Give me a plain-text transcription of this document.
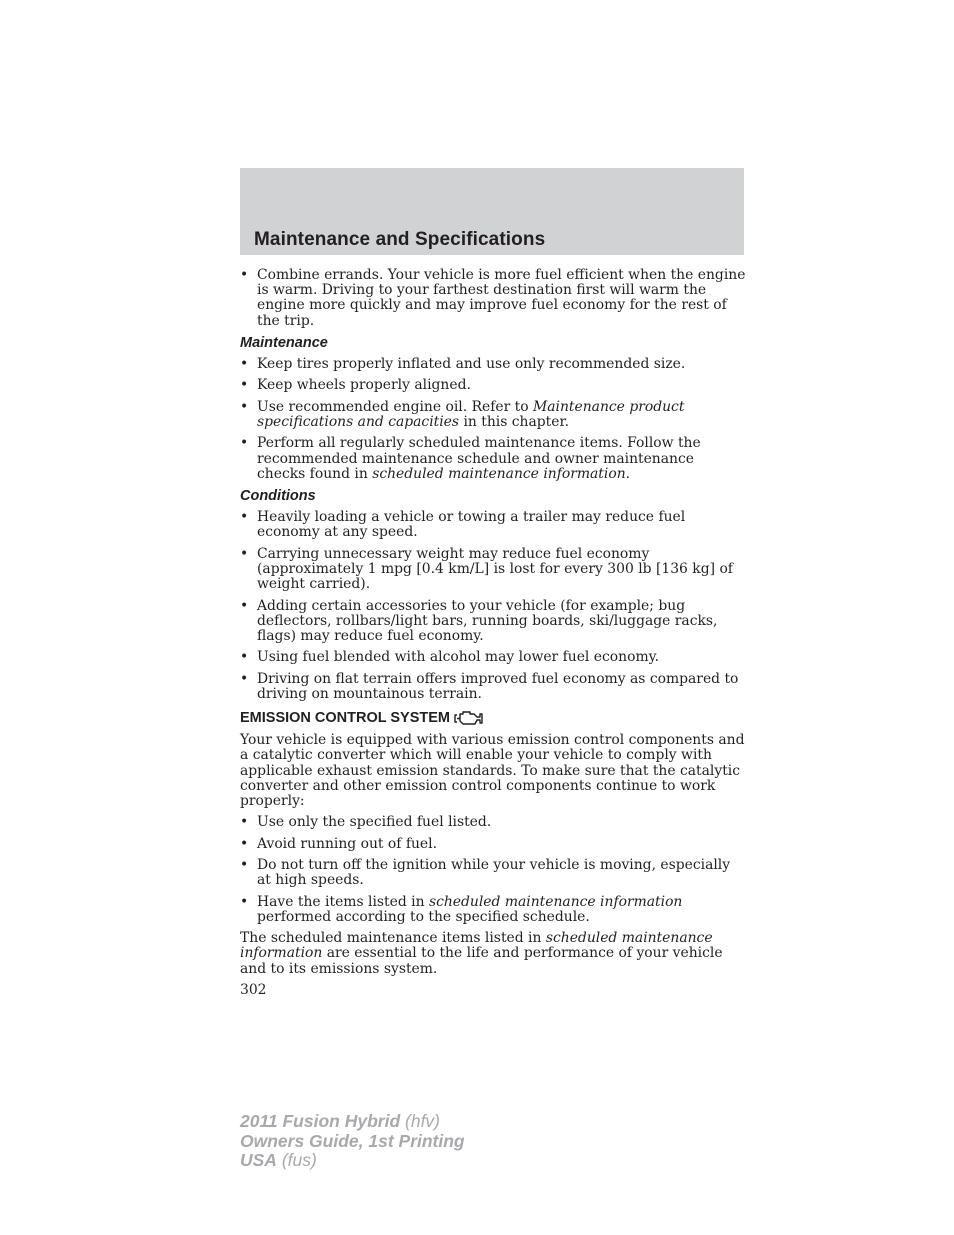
Maintenance and Specifications
• Combine errands. Your vehicle is more fuel efficient when the engine is warm. Driving to your farthest destination first will warm the engine more quickly and may improve fuel economy for the rest of the trip.
Maintenance
• Keep tires properly inflated and use only recommended size.
• Keep wheels properly aligned.
• Use recommended engine oil. Refer to Maintenance product specifications and capacities in this chapter.
• Perform all regularly scheduled maintenance items. Follow the recommended maintenance schedule and owner maintenance checks found in scheduled maintenance information.
Conditions
• Heavily loading a vehicle or towing a trailer may reduce fuel economy at any speed.
• Carrying unnecessary weight may reduce fuel economy (approximately 1 mpg [0.4 km/L] is lost for every 300 lb [136 kg] of weight carried).
• Adding certain accessories to your vehicle (for example; bug deflectors, rollbars/light bars, running boards, ski/luggage racks, flags) may reduce fuel economy.
• Using fuel blended with alcohol may lower fuel economy.
• Driving on flat terrain offers improved fuel economy as compared to driving on mountainous terrain.
EMISSION CONTROL SYSTEM

Your vehicle is equipped with various emission control components and a catalytic converter which will enable your vehicle to comply with applicable exhaust emission standards. To make sure that the catalytic converter and other emission control components continue to work properly:

• Use only the specified fuel listed.
• Avoid running out of fuel.
• Do not turn off the ignition while your vehicle is moving, especially at high speeds.
• Have the items listed in scheduled maintenance information performed according to the specified schedule.

The scheduled maintenance items listed in scheduled maintenance information are essential to the life and performance of your vehicle and to its emissions system.

302
2011 Fusion Hybrid (hfv)
Owners Guide, 1st Printing
USA (fus)
